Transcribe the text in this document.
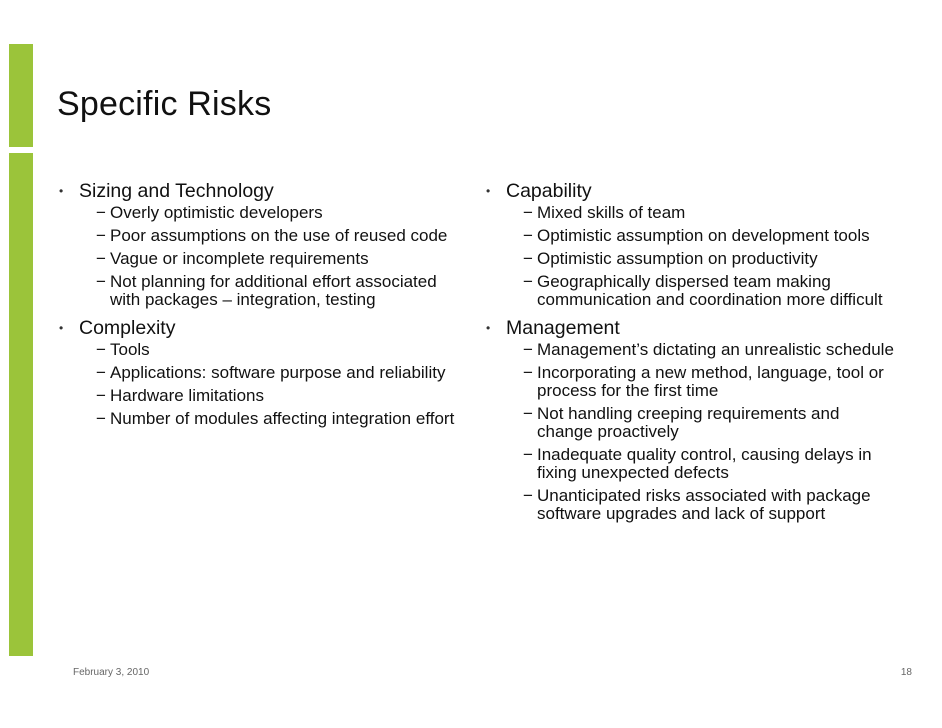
Specific Risks
• Sizing and Technology
− Overly optimistic developers
− Poor assumptions on the use of reused code
− Vague or incomplete requirements
− Not planning for additional effort associated with packages – integration, testing
• Complexity
− Tools
− Applications: software purpose and reliability
− Hardware limitations
− Number of modules affecting integration effort
• Capability
− Mixed skills of team
− Optimistic assumption on development tools
− Optimistic assumption on productivity
− Geographically dispersed team making communication and coordination more difficult
• Management
− Management’s dictating an unrealistic schedule
− Incorporating a new method, language, tool or process for the first time
− Not handling creeping requirements and change proactively
− Inadequate quality control, causing delays in fixing unexpected defects
− Unanticipated risks associated with package software upgrades and lack of support
February 3, 2010	18
